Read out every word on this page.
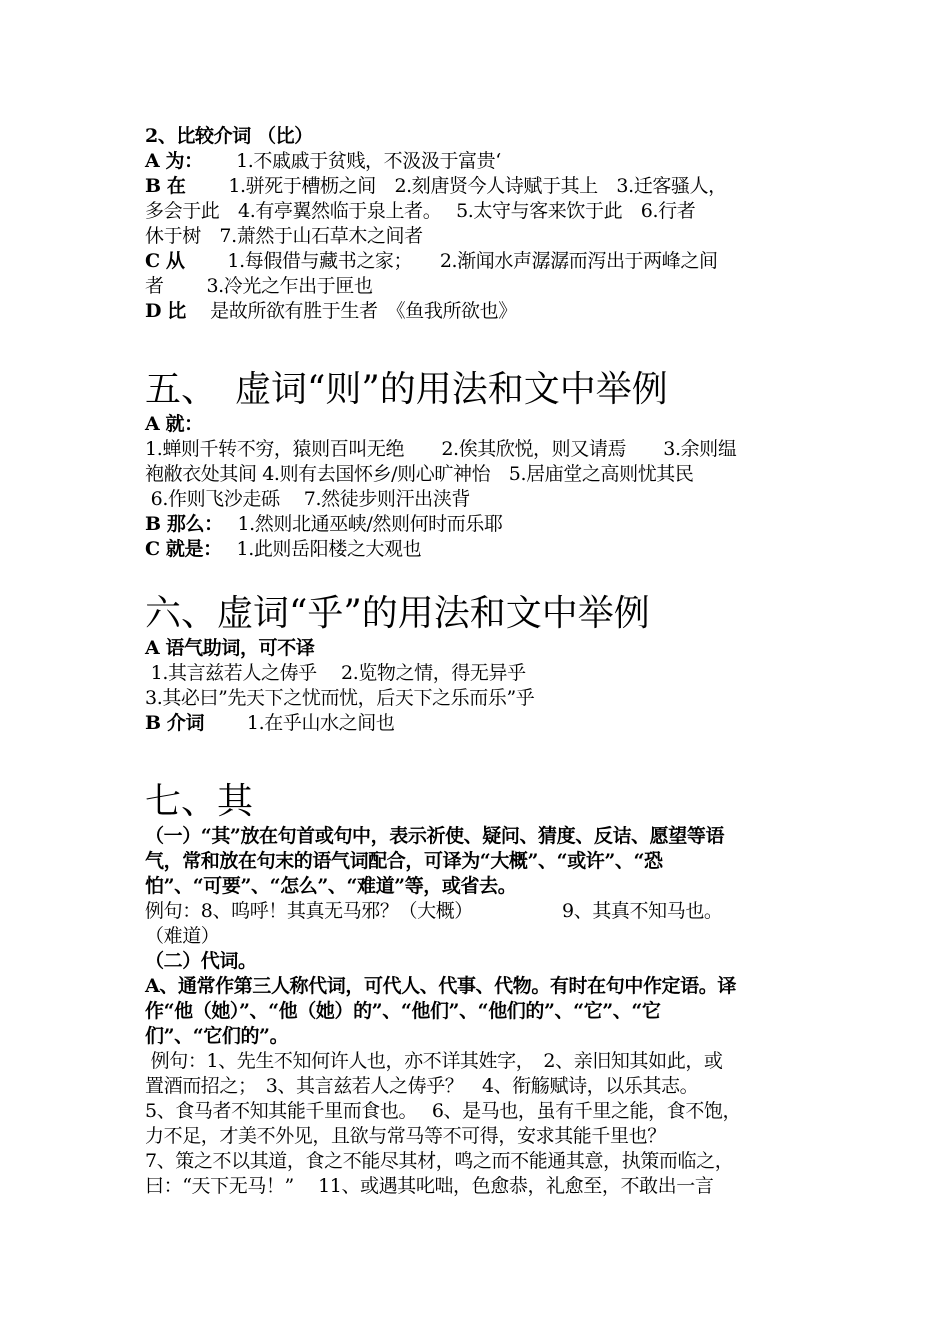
2、比较介词 （比）
A 为：　　 1.不戚戚于贫贱，不汲汲于富贵‘
B 在　　 1.骈死于槽枥之间　2.刻唐贤今人诗赋于其上　3.迁客骚人，
多会于此　4.有亭翼然临于泉上者。　 5.太守与客来饮于此　6.行者
休于树　7.萧然于山石草木之间者
C 从　　 1.每假借与藏书之家；　　2.渐闻水声潺潺而泻出于两峰之间
者　　 3.冷光之乍出于匣也
D 比　 是故所欲有胜于生者　《鱼我所欲也》
五、　虚词“则”的用法和文中举例
A 就：
1.蝉则千转不穷，猿则百叫无绝　　2.俟其欣悦，则又请焉　　3.余则缊
袍敝衣处其间 4.则有去国怀乡/则心旷神怡　5.居庙堂之高则忧其民
6.作则飞沙走砾　 7.然徒步则汗出浃背
B 那么：　 1.然则北通巫峡/然则何时而乐耶
C 就是：　 1.此则岳阳楼之大观也
六、虚词“乎”的用法和文中举例
A 语气助词，可不译
1.其言兹若人之俦乎　 2.览物之情，得无异乎
3.其必曰”先天下之忧而忧，后天下之乐而乐”乎
B 介词　　 1.在乎山水之间也
七、其
（一）“其”放在句首或句中，表示祈使、疑问、猜度、反诘、愿望等语
气，常和放在句末的语气词配合，可译为“大概”、“或许”、“恐
怕”、“可要”、“怎么”、“难道”等，或省去。
例句：8、呜呼！其真无马邪？（大概）　　　　　 9、其真不知马也。
（难道）
（二）代词。
A、通常作第三人称代词，可代人、代事、代物。有时在句中作定语。译
作“他（她）”、“他（她）的”、“他们”、“他们的”、“它”、“它
们”、“它们的”。
例句：1、先生不知何许人也，亦不详其姓字，　2、亲旧知其如此，或
置酒而招之；　3、其言兹若人之俦乎？　4、衔觞赋诗，以乐其志。
5、食马者不知其能千里而食也。　 6、是马也，虽有千里之能，食不饱，
力不足，才美不外见，且欲与常马等不可得，安求其能千里也？
7、策之不以其道，食之不能尽其材，鸣之而不能通其意，执策而临之，
曰：“天下无马！”　 11、或遇其叱咄，色愈恭，礼愈至，不敢出一言
